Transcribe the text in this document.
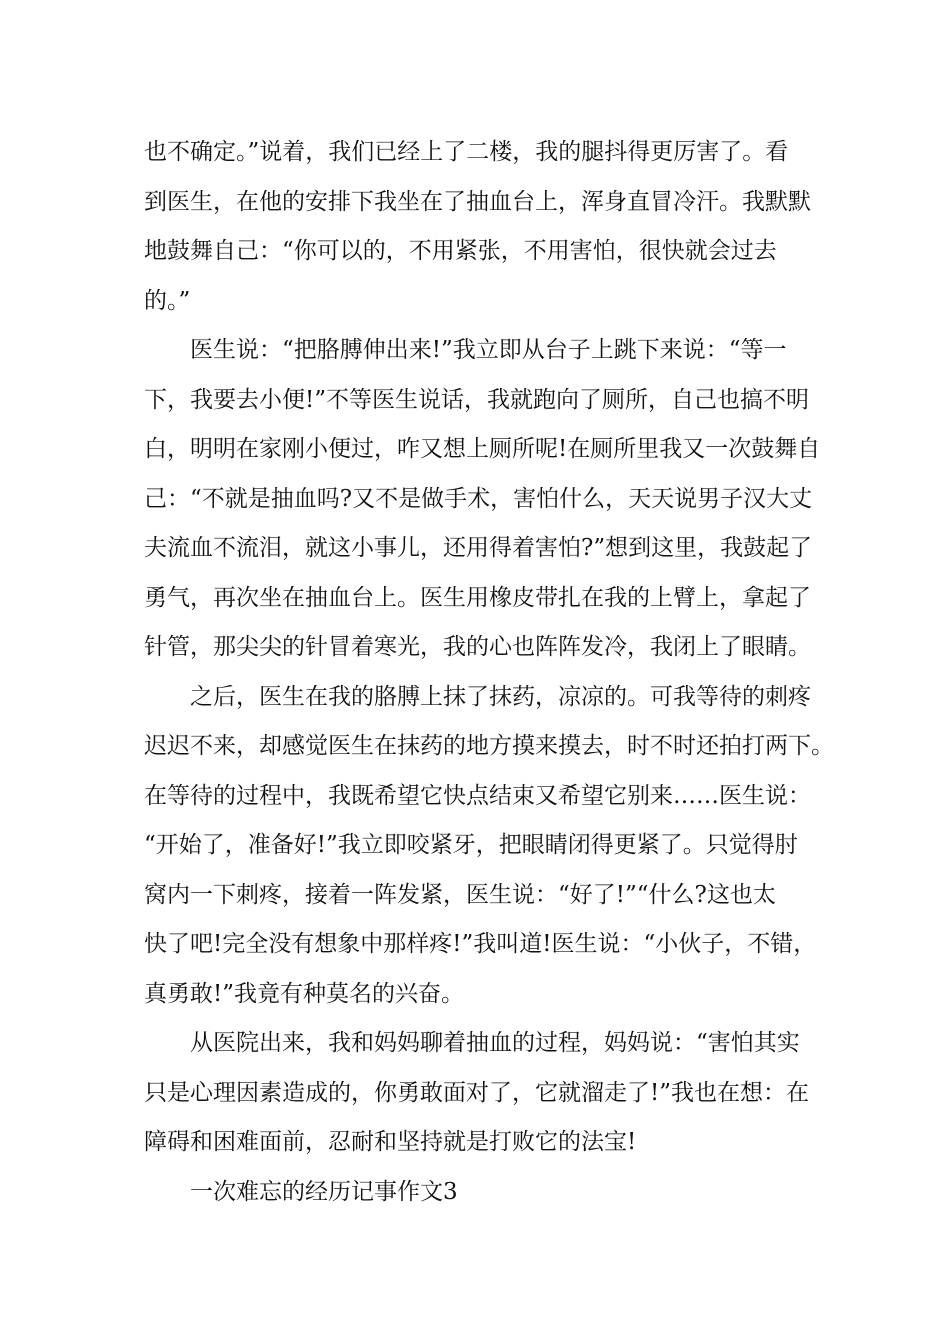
也不确定。”说着，我们已经上了二楼，我的腿抖得更厉害了。看
到医生，在他的安排下我坐在了抽血台上，浑身直冒冷汗。我默默
地鼓舞自己：“你可以的，不用紧张，不用害怕，很快就会过去
的。”
　　医生说：“把胳膊伸出来!”我立即从台子上跳下来说：“等一
下，我要去小便!”不等医生说话，我就跑向了厕所，自己也搞不明
白，明明在家刚小便过，咋又想上厕所呢!在厕所里我又一次鼓舞自
己：“不就是抽血吗?又不是做手术，害怕什么，天天说男子汉大丈
夫流血不流泪，就这小事儿，还用得着害怕?”想到这里，我鼓起了
勇气，再次坐在抽血台上。医生用橡皮带扎在我的上臂上，拿起了
针管，那尖尖的针冒着寒光，我的心也阵阵发冷，我闭上了眼睛。
　　之后，医生在我的胳膊上抹了抹药，凉凉的。可我等待的刺疼
迟迟不来，却感觉医生在抹药的地方摸来摸去，时不时还拍打两下。
在等待的过程中，我既希望它快点结束又希望它别来……医生说：
“开始了，准备好!”我立即咬紧牙，把眼睛闭得更紧了。只觉得肘
窝内一下刺疼，接着一阵发紧，医生说：“好了!”“什么?这也太
快了吧!完全没有想象中那样疼!”我叫道!医生说：“小伙子，不错，
真勇敢!”我竟有种莫名的兴奋。
　　从医院出来，我和妈妈聊着抽血的过程，妈妈说：“害怕其实
只是心理因素造成的，你勇敢面对了，它就溜走了!”我也在想：在
障碍和困难面前，忍耐和坚持就是打败它的法宝!
　　一次难忘的经历记事作文3
